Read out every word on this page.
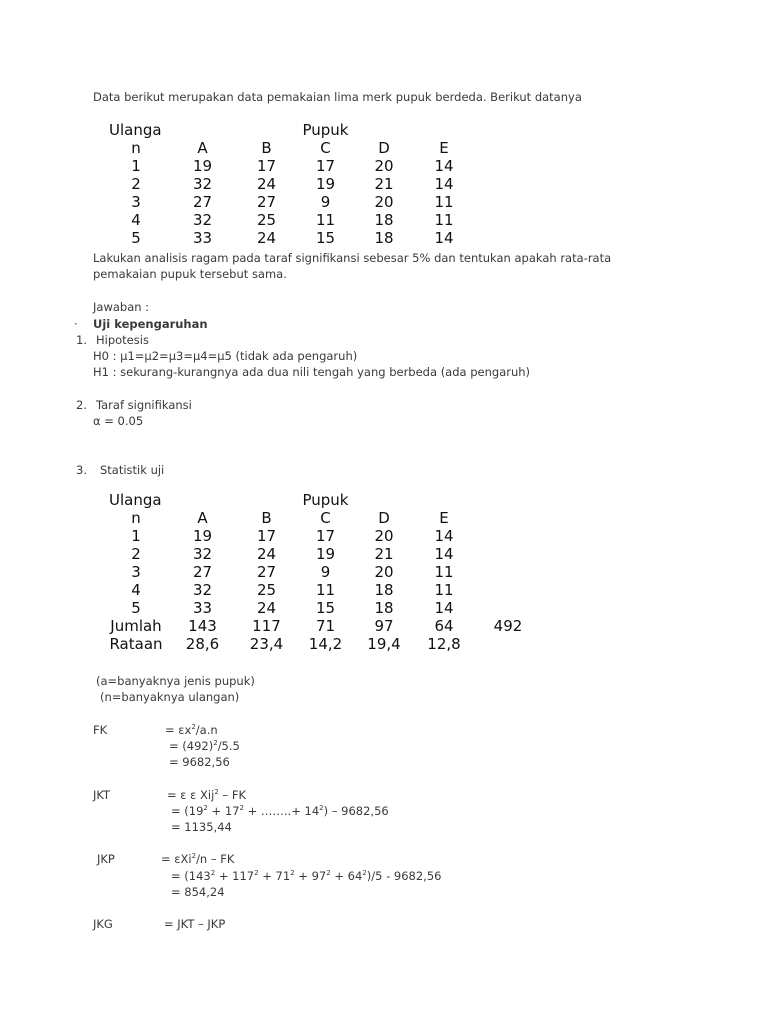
Data berikut merupakan data pemakaian lima merk pupuk berdeda. Berikut datanya
Ulanga			Pupuk		
n	A	B	C	D	E
1	19	17	17	20	14
2	32	24	19	21	14
3	27	27	9	20	11
4	32	25	11	18	11
5	33	24	15	18	14
Lakukan analisis ragam pada taraf signifikansi sebesar 5% dan tentukan apakah rata-rata
pemakaian pupuk tersebut sama.
Jawaban :
· Uji kepengaruhan
1. Hipotesis
H0 : μ1=μ2=μ3=μ4=μ5 (tidak ada pengaruh)
H1 : sekurang-kurangnya ada dua nili tengah yang berbeda (ada pengaruh)
2. Taraf signifikansi
α = 0.05
3. Statistik uji
Ulanga			Pupuk			
n	A	B	C	D	E	
1	19	17	17	20	14	
2	32	24	19	21	14	
3	27	27	9	20	11	
4	32	25	11	18	11	
5	33	24	15	18	14	
Jumlah	143	117	71	97	64	492
Rataan	28,6	23,4	14,2	19,4	12,8	
(a=banyaknya jenis pupuk)
(n=banyaknya ulangan)
FK	= $\varepsilon x^2/a.n$
= $(492)^2/5.5$
= 9682,56
JKT	= ε ε Xij$^2$ – FK
= ($19^2 + 17^2$ + ……..+ $14^2) - 9682,56$
= 1135,44
JKP	= εXi$^2$/n – FK
= $(143^2 + 117^2 + 71^2 + 97^2 + 64^2)/5 - 9682,56$
= 854,24
JKG	= JKT – JKP
